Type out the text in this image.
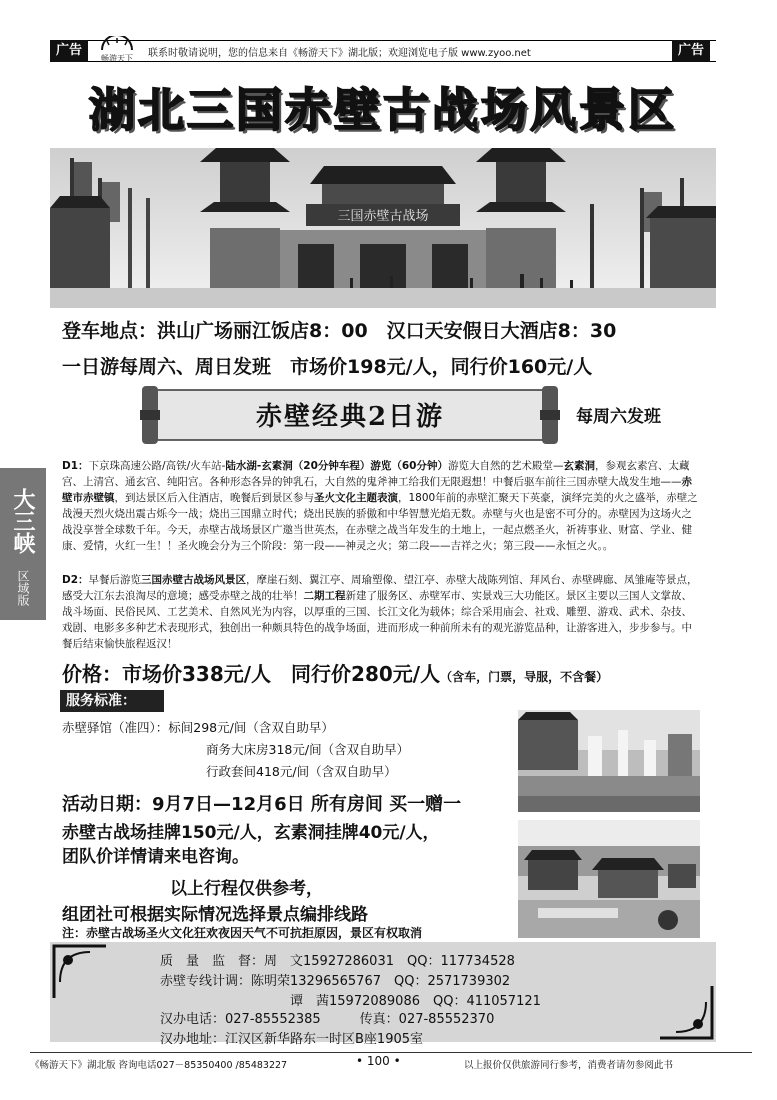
广告
畅游天下 联系时敬请说明，您的信息来自《畅游天下》湖北版；欢迎浏览电子版 www.zyoo.net	广告
湖北三国赤壁古战场风景区
三国赤壁古战场
登车地点：洪山广场丽江饭店8：00　汉口天安假日大酒店8：30
一日游每周六、周日发班　市场价198元/人，同行价160元/人
赤壁经典2日游	每周六发班
大三峡
区域版
D1：下京珠高速公路/高铁/火车站-陆水湖-玄素洞（20分钟车程）游览（60分钟）游览大自然的艺术殿堂—玄素洞，参观玄素宫、太藏宫、上清宫、通玄宫、纯阳宫。各种形态各异的钟乳石，大自然的鬼斧神工给我们无限遐想！中餐后驱车前往三国赤壁大战发生地——赤壁市赤壁镇，到达景区后入住酒店，晚餐后到景区参与圣火文化主题表演，1800年前的赤壁汇聚天下英豪，演绎完美的火之盛举，赤壁之战漫天烈火烧出震古烁今一战；烧出三国鼎立时代；烧出民族的骄傲和中华智慧光焰无数。赤壁与火也是密不可分的。赤壁因为这场火之战没享誉全球数千年。今天，赤壁古战场景区广邀当世英杰，在赤壁之战当年发生的土地上，一起点燃圣火，祈祷事业、财富、学业、健康、爱情，火红一生！！圣火晚会分为三个阶段：第一段——神灵之火；第二段——吉祥之火；第三段——永恒之火。。
D2：早餐后游览三国赤壁古战场风景区，摩崖石刻、翼江亭、周瑜塑像、望江亭、赤壁大战陈列馆、拜风台、赤壁碑廊、凤雏庵等景点，感受大江东去浪淘尽的意境；感受赤壁之战的壮举！二期工程新建了服务区、赤壁军市、实景戏三大功能区。景区主要以三国人文掌故、战斗场面、民俗民风、工艺美术、自然风光为内容，以厚重的三国、长江文化为载体；综合采用庙会、社戏、雕塑、游戏、武术、杂技、戏剧、电影多多种艺术表现形式，独创出一种颇具特色的战争场面，进而形成一种前所未有的观光游览品种，让游客进入，步步参与。中餐后结束愉快旅程返汉！
价格：市场价338元/人　同行价280元/人（含车，门票，导服，不含餐）
服务标准：
赤壁驿馆（准四）：标间298元/间（含双自助早）
商务大床房318元/间（含双自助早）
行政套间418元/间（含双自助早）
活动日期：9月7日—12月6日 所有房间 买一赠一
赤壁古战场挂牌150元/人，玄素洞挂牌40元/人，
团队价详情请来电咨询。
以上行程仅供参考，
组团社可根据实际情况选择景点编排线路
注：赤壁古战场圣火文化狂欢夜因天气不可抗拒原因，景区有权取消
质　量　监　督：周　文15927286031　QQ：117734528
赤壁专线计调：陈明荣13296565767　QQ：2571739302
谭　茜15972089086　QQ：411057121
汉办电话：027-85552385　　　传真：027-85552370
汉办地址：江汉区新华路东一时区B座1905室
《畅游天下》湖北版 咨询电话027－85350400 /85483227	• 100 •	以上报价仅供旅游同行参考，消费者请勿参阅此书
